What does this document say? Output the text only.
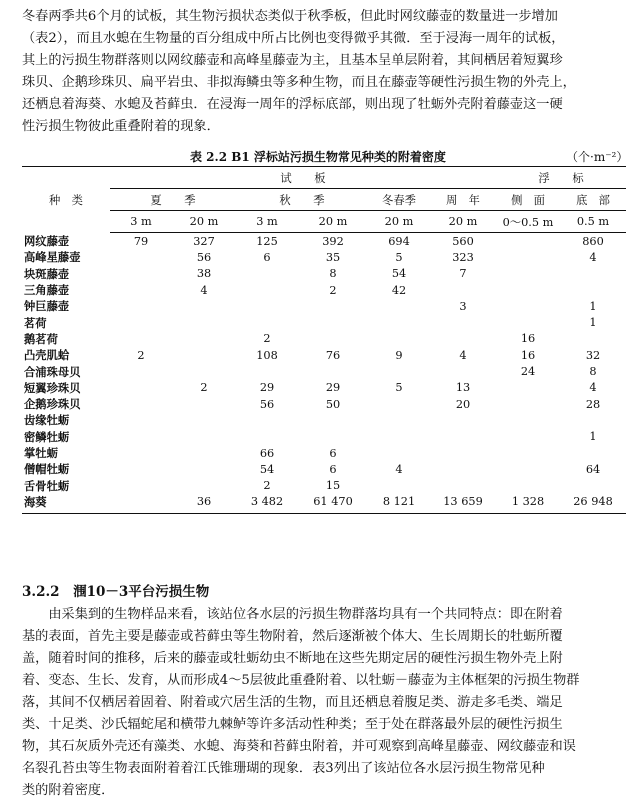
冬春两季共6个月的试板，其生物污损状态类似于秋季板，但此时网纹藤壶的数量进一步增加
（表2），而且水螅在生物量的百分组成中所占比例也变得微乎其微．至于浸海一周年的试板，
其上的污损生物群落则以网纹藤壶和高峰星藤壶为主，且基本呈单层附着，其间栖居着短翼珍
珠贝、企鹅珍珠贝、扁平岩虫、非拟海鳞虫等多种生物，而且在藤壶等硬性污损生物的外壳上，
还栖息着海葵、水螅及苔藓虫．在浸海一周年的浮标底部，则出现了牡蛎外壳附着藤壶这一硬
性污损生物彼此重叠附着的现象．
表 2.2 B1 浮标站污损生物常见种类的附着密度	（个·m⁻²）
种　类	试　　板						浮　　标	
	夏　　季		秋　　季		冬春季	周　年	侧　面	底　部
	3 m	20 m	3 m	20 m	20 m	20 m	0～0.5 m	0.5 m
网纹藤壶	79	327	125	392	694	560		860
高峰星藤壶		56	6	35	5	323		4
块斑藤壶		38		8	54	7		
三角藤壶		4		2	42			
钟巨藤壶						3		1
茗荷								1
鹅茗荷			2				16	
凸壳肌蛤	2		108	76	9	4	16	32
合浦珠母贝							24	8
短翼珍珠贝		2	29	29	5	13		4
企鹅珍珠贝			56	50		20		28
齿缘牡蛎								
密鳞牡蛎								1
掌牡蛎			66	6				
僧帽牡蛎			54	6	4			64
舌骨牡蛎			2	15				
海葵		36	3 482	61 470	8 121	13 659	1 328	26 948
3.2.2　涠10－3平台污损生物
　　由采集到的生物样品来看，该站位各水层的污损生物群落均具有一个共同特点：即在附着
基的表面，首先主要是藤壶或苔藓虫等生物附着，然后逐渐被个体大、生长周期长的牡蛎所覆
盖，随着时间的推移，后来的藤壶或牡蛎幼虫不断地在这些先期定居的硬性污损生物外壳上附
着、变态、生长、发育，从而形成4～5层彼此重叠附着、以牡蛎－藤壶为主体框架的污损生物群
落，其间不仅栖居着固着、附着或穴居生活的生物，而且还栖息着腹足类、游走多毛类、端足
类、十足类、沙氏辐蛇尾和横带九棘鲈等许多活动性种类；至于处在群落最外层的硬性污损生
物，其石灰质外壳还有藻类、水螅、海葵和苔藓虫附着，并可观察到高峰星藤壶、网纹藤壶和误
名裂孔苔虫等生物表面附着着江氏锥珊瑚的现象．表3列出了该站位各水层污损生物常见种
类的附着密度．
